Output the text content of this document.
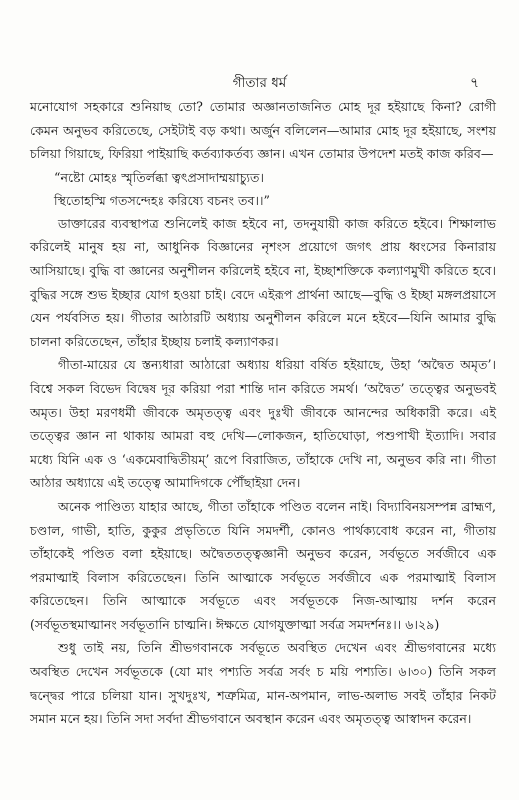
গীতার ধর্ম	৭

মনোযোগ সহকারে শুনিয়াছ তো? তোমার অজ্ঞানতাজনিত মোহ দূর হইয়াছে কিনা? রোগী কেমন অনুভব করিতেছে, সেইটাই বড় কথা। অর্জুন বলিলেন—আমার মোহ দূর হইয়াছে, সংশয় চলিয়া গিয়াছে, ফিরিয়া পাইয়াছি কর্তব্যাকর্তব্য জ্ঞান। এখন তোমার উপদেশ মতই কাজ করিব—

“নষ্টো মোহঃ স্মৃতির্লব্ধা ত্বৎপ্রসাদাম্ময়াচ্যুত।
স্থিতোহস্মি গতসন্দেহঃ করিষ্যে বচনং তব।।”

ডাক্তারের ব্যবস্থাপত্র শুনিলেই কাজ হইবে না, তদনুযায়ী কাজ করিতে হইবে। শিক্ষালাভ করিলেই মানুষ হয় না, আধুনিক বিজ্ঞানের নৃশংস প্রয়োগে জগৎ প্রায় ধ্বংসের কিনারায় আসিয়াছে। বুদ্ধি বা জ্ঞানের অনুশীলন করিলেই হইবে না, ইচ্ছাশক্তিকে কল্যাণমুখী করিতে হবে। বুদ্ধির সঙ্গে শুভ ইচ্ছার যোগ হওয়া চাই। বেদে এইরূপ প্রার্থনা আছে—বুদ্ধি ও ইচ্ছা মঙ্গলপ্রয়াসে যেন পর্যবসিত হয়। গীতার আঠারটি অধ্যায় অনুশীলন করিলে মনে হইবে—যিনি আমার বুদ্ধি চালনা করিতেছেন, তাঁহার ইচ্ছায় চলাই কল্যাণকর।

গীতা-মায়ের যে স্তন্যধারা আঠারো অধ্যায় ধরিয়া বর্ষিত হইয়াছে, উহা ‘অদ্বৈত অমৃত’। বিশ্বে সকল বিভেদ বিদ্বেষ দূর করিয়া পরা শান্তি দান করিতে সমর্থ। ‘অদ্বৈত’ তত্ত্বের অনুভবই অমৃত। উহা মরণধর্মী জীবকে অমৃতত্ত্ব এবং দুঃখী জীবকে আনন্দের অধিকারী করে। এই তত্ত্বের জ্ঞান না থাকায় আমরা বহু দেখি—লোকজন, হাতিঘোড়া, পশুপাখী ইত্যাদি। সবার মধ্যে যিনি এক ও ‘একমেবাদ্বিতীয়ম্’ রূপে বিরাজিত, তাঁহাকে দেখি না, অনুভব করি না। গীতা আঠার অধ্যায়ে এই তত্ত্বে আমাদিগকে পৌঁছাইয়া দেন।

অনেক পাণ্ডিত্য যাহার আছে, গীতা তাঁহাকে পণ্ডিত বলেন নাই। বিদ্যাবিনয়সম্পন্ন ব্রাহ্মণ, চণ্ডাল, গাভী, হাতি, কুকুর প্রভৃতিতে যিনি সমদর্শী, কোনও পার্থক্যবোধ করেন না, গীতায় তাঁহাকেই পণ্ডিত বলা হইয়াছে। অদ্বৈততত্ত্বজ্ঞানী অনুভব করেন, সর্বভূতে সর্বজীবে এক পরমাত্মাই বিলাস করিতেছেন। তিনি আত্মাকে সর্বভূতে সর্বজীবে এক পরমাত্মাই বিলাস করিতেছেন। তিনি আত্মাকে সর্বভূতে এবং সর্বভূতকে নিজ-আত্মায় দর্শন করেন (সর্বভূতস্থমাত্মানং সর্বভূতানি চাত্মনি। ঈক্ষতে যোগযুক্তাত্মা সর্বত্র সমদর্শনঃ।। ৬।২৯)

শুধু তাই নয়, তিনি শ্রীভগবানকে সর্বভূতে অবস্থিত দেখেন এবং শ্রীভগবানের মধ্যে অবস্থিত দেখেন সর্বভূতকে (যো মাং পশ্যতি সর্বত্র সর্বং চ ময়ি পশ্যতি। ৬।৩০) তিনি সকল দ্বন্দ্বের পারে চলিয়া যান। সুখদুঃখ, শত্রুমিত্র, মান-অপমান, লাভ-অলাভ সবই তাঁহার নিকট সমান মনে হয়। তিনি সদা সর্বদা শ্রীভগবানে অবস্থান করেন এবং অমৃতত্ত্ব আস্বাদন করেন।
